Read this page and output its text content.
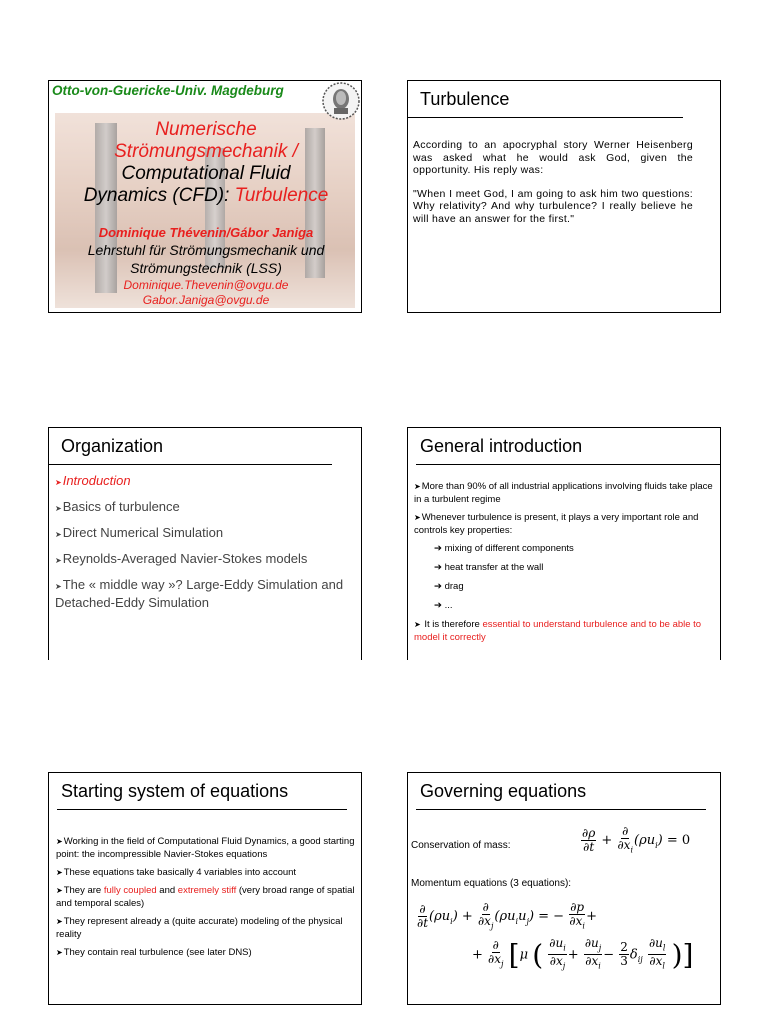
Otto-von-Guericke-Univ. Magdeburg
Numerische
Strömungsmechanik /
Computational Fluid
Dynamics (CFD): Turbulence
Dominique Thévenin/Gábor Janiga
Lehrstuhl für Strömungsmechanik und
Strömungstechnik (LSS)
Dominique.Thevenin@ovgu.de
Gabor.Janiga@ovgu.de
Turbulence

According to an apocryphal story Werner Heisenberg was asked what he would ask God, given the opportunity. His reply was:

"When I meet God, I am going to ask him two questions: Why relativity? And why turbulence? I really believe he will have an answer for the first."

Organization
➤ Introduction
➤ Basics of turbulence
➤ Direct Numerical Simulation
➤ Reynolds-Averaged Navier-Stokes models
➤ The « middle way »? Large-Eddy Simulation and Detached-Eddy Simulation
General introduction
➤ More than 90% of all industrial applications involving fluids take place in a turbulent regime
➤ Whenever turbulence is present, it plays a very important role and controls key properties:
➔ mixing of different components
➔ heat transfer at the wall
➔ drag
➔ ...
➤ It is therefore essential to understand turbulence and to be able to model it correctly
Starting system of equations
➤ Working in the field of Computational Fluid Dynamics, a good starting point: the incompressible Navier-Stokes equations
➤ These equations take basically 4 variables into account
➤ They are fully coupled and extremely stiff (very broad range of spatial and temporal scales)
➤ They represent already a (quite accurate) modeling of the physical reality
➤ They contain real turbulence (see later DNS)
Governing equations
Conservation of mass:	$\frac{\partial\rho}{\partial t} + \frac{\partial}{\partial x_i} (\rho u_i) = 0$
Momentum equations (3 equations):
$\frac{\partial}{\partial t} (\rho u_i) + \frac{\partial}{\partial x_j} (\rho u_iu_j)$ = − $\frac{\partial p}{\partial x_i}$ +
+ $\frac{\partial}{\partial x_j} [\mu$ ( $\frac{\partial u_i}{\partial x_j} + \frac{\partial u_j}{\partial x_i} - \frac{2}{3} \delta_{ij} \frac{\partial u_l}{\partial x_l}$ )]
